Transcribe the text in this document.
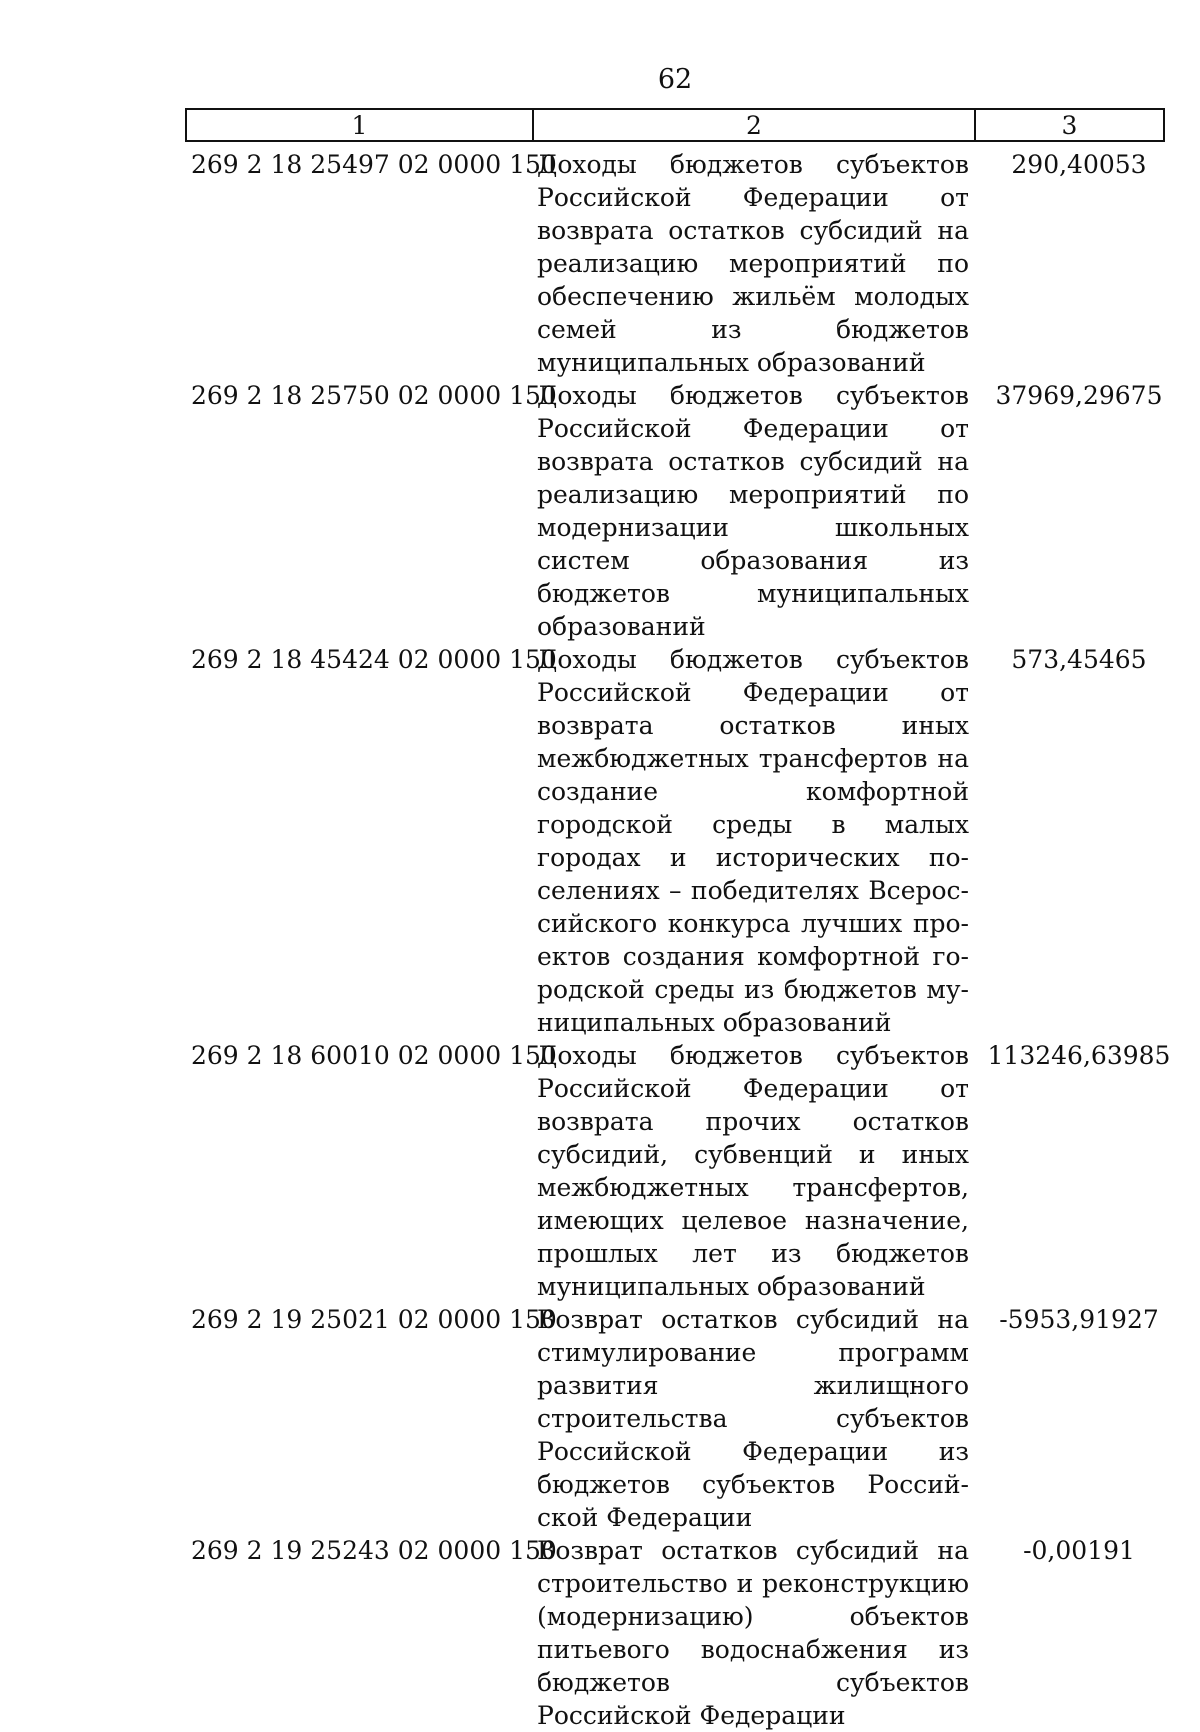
62
1	2	3
269 2 18 25497 02 0000 150
Доходы бюджетов субъектов Российской Федерации от возврата остатков субсидий на реализацию мероприятий по обеспечению жильём молодых семей из бюджетов муниципальных образований
290,40053
269 2 18 25750 02 0000 150
Доходы бюджетов субъектов Российской Федерации от возврата остатков субсидий на реализацию мероприятий по модернизации школьных систем образования из бюджетов муниципальных образований
37969,29675
269 2 18 45424 02 0000 150
Доходы бюджетов субъектов Российской Федерации от возврата остатков иных межбюджетных трансфертов на создание комфортной городской среды в малых городах и исторических поселениях – победителях Всероссийского конкурса лучших проектов создания комфортной городской среды из бюджетов муниципальных образований
573,45465
269 2 18 60010 02 0000 150
Доходы бюджетов субъектов Российской Федерации от возврата прочих остатков субсидий, субвенций и иных межбюджетных трансфертов, имеющих целевое назначение, прошлых лет из бюджетов муниципальных образований
113246,63985
269 2 19 25021 02 0000 150
Возврат остатков субсидий на стимулирование программ развития жилищного строительства субъектов Российской Федерации из бюджетов субъектов Российской Федерации
-5953,91927
269 2 19 25243 02 0000 150
Возврат остатков субсидий на строительство и реконструкцию (модернизацию) объектов питьевого водоснабжения из бюджетов субъектов Российской Федерации
-0,00191
